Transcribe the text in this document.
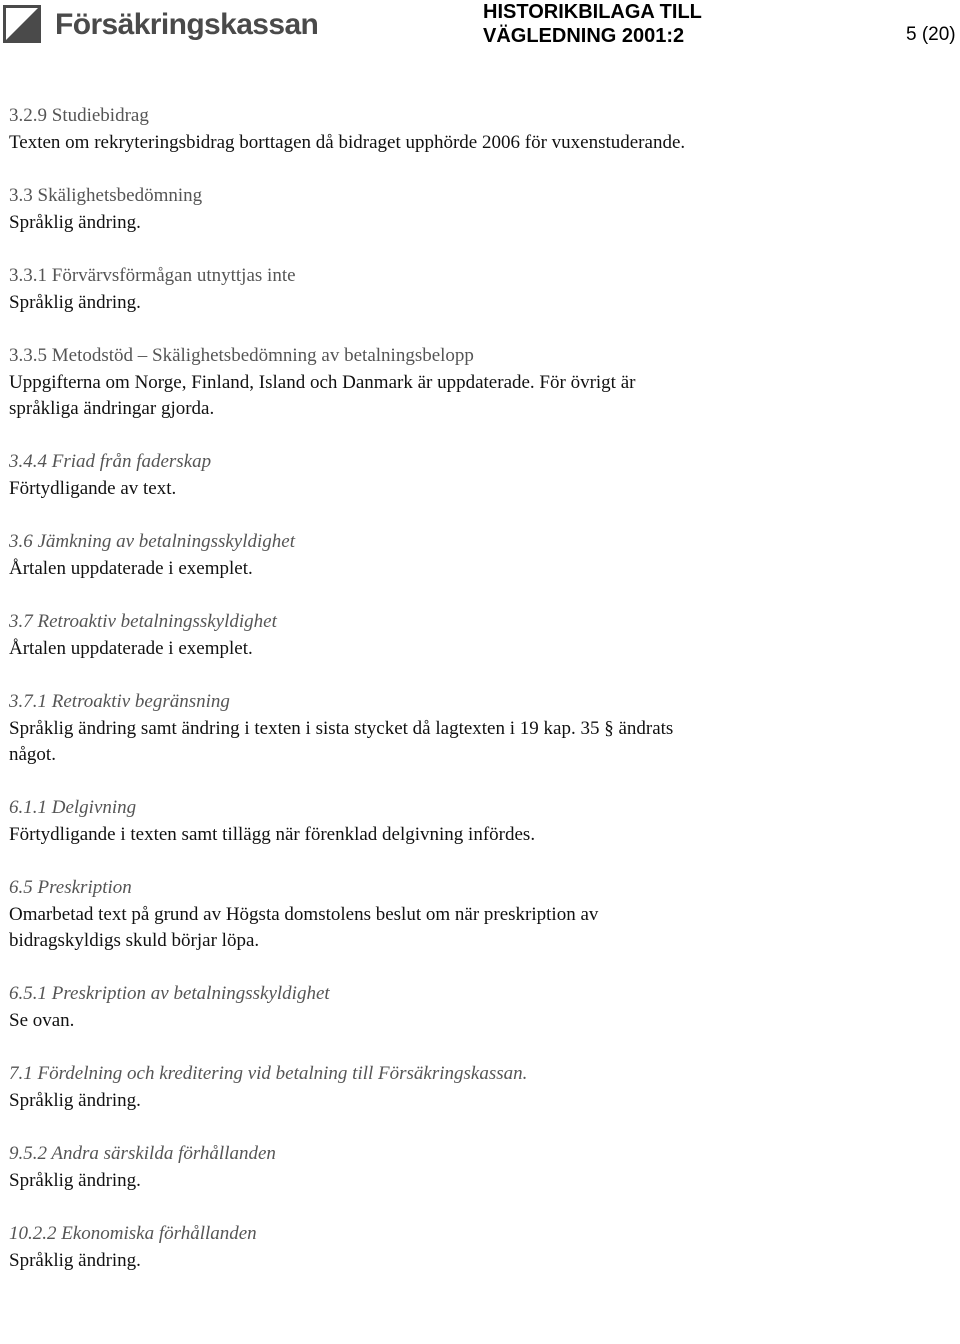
Försäkringskassan	HISTORIKBILAGA TILL
VÄGLEDNING 2001:2	5 (20)
3.2.9 Studiebidrag
Texten om rekryteringsbidrag borttagen då bidraget upphörde 2006 för vuxenstuderande.
3.3 Skälighetsbedömning
Språklig ändring.
3.3.1 Förvärvsförmågan utnyttjas inte
Språklig ändring.
3.3.5 Metodstöd – Skälighetsbedömning av betalningsbelopp
Uppgifterna om Norge, Finland, Island och Danmark är uppdaterade. För övrigt är språkliga ändringar gjorda.
3.4.4 Friad från faderskap
Förtydligande av text.
3.6 Jämkning av betalningsskyldighet
Årtalen uppdaterade i exemplet.
3.7 Retroaktiv betalningsskyldighet
Årtalen uppdaterade i exemplet.
3.7.1 Retroaktiv begränsning
Språklig ändring samt ändring i texten i sista stycket då lagtexten i 19 kap. 35 § ändrats något.
6.1.1 Delgivning
Förtydligande i texten samt tillägg när förenklad delgivning infördes.
6.5 Preskription
Omarbetad text på grund av Högsta domstolens beslut om när preskription av bidragskyldigs skuld börjar löpa.
6.5.1 Preskription av betalningsskyldighet
Se ovan.
7.1 Fördelning och kreditering vid betalning till Försäkringskassan.
Språklig ändring.
9.5.2 Andra särskilda förhållanden
Språklig ändring.
10.2.2 Ekonomiska förhållanden
Språklig ändring.
